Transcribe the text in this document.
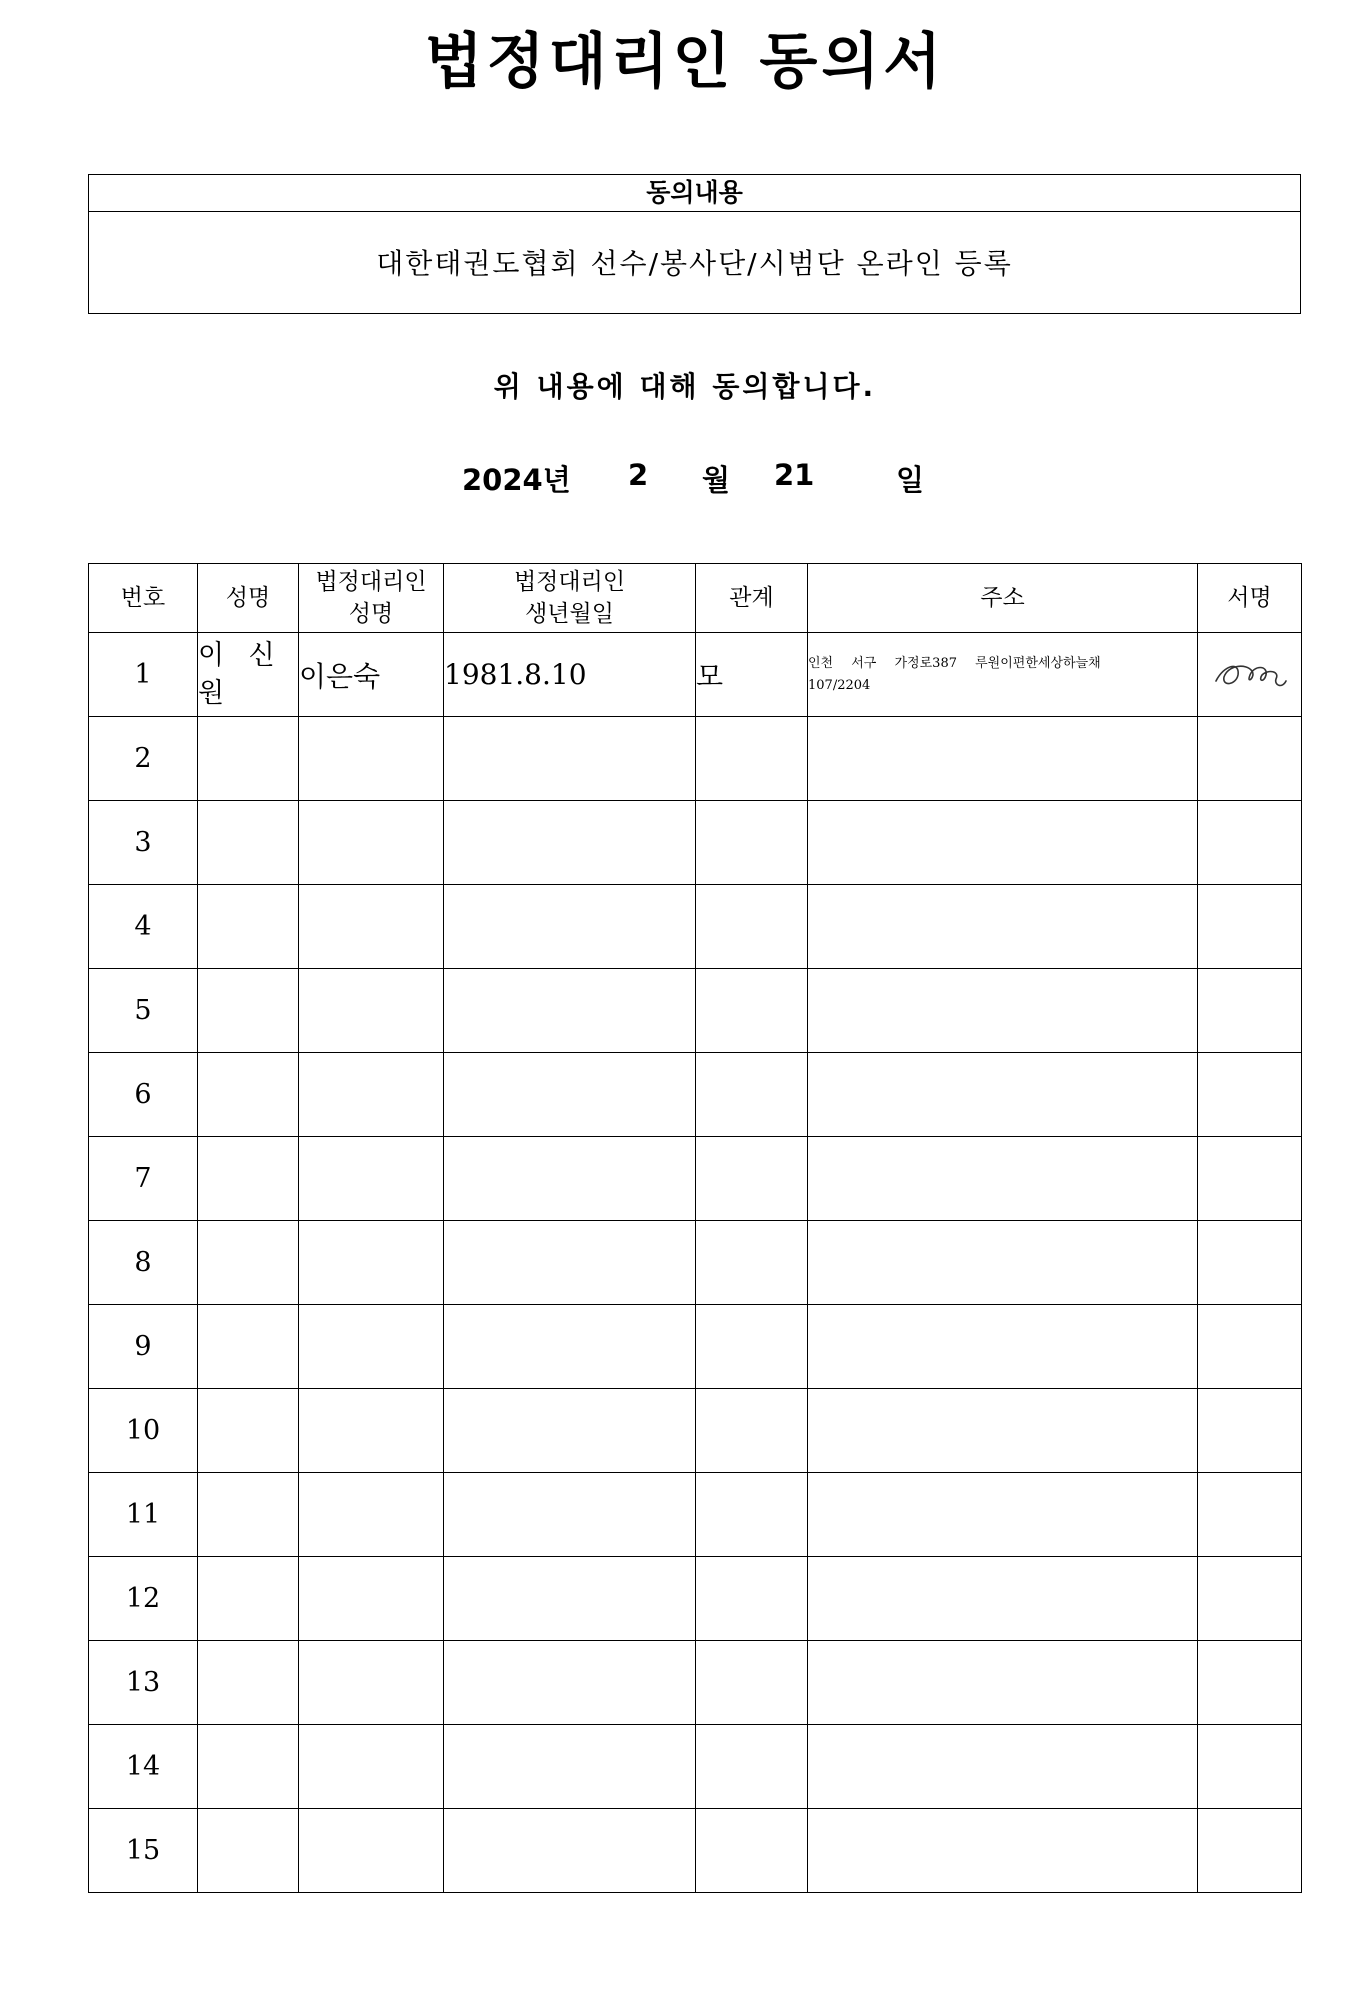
법정대리인 동의서
동의내용
대한태권도협회 선수/봉사단/시범단 온라인 등록
위 내용에 대해 동의합니다.
2024년 2 월 21	일
번호	성명	법정대리인 성명	법정대리인 생년월일	관계	주소	서명
1	이 신 원	이은숙	1981.8.10	모	인천 서구 가정로387 루원이편한세상하늘채
107/2204

2					

3					

4					

5					

6					

7					

8					

9					

10					

11					

12					

13					

14					

15					
